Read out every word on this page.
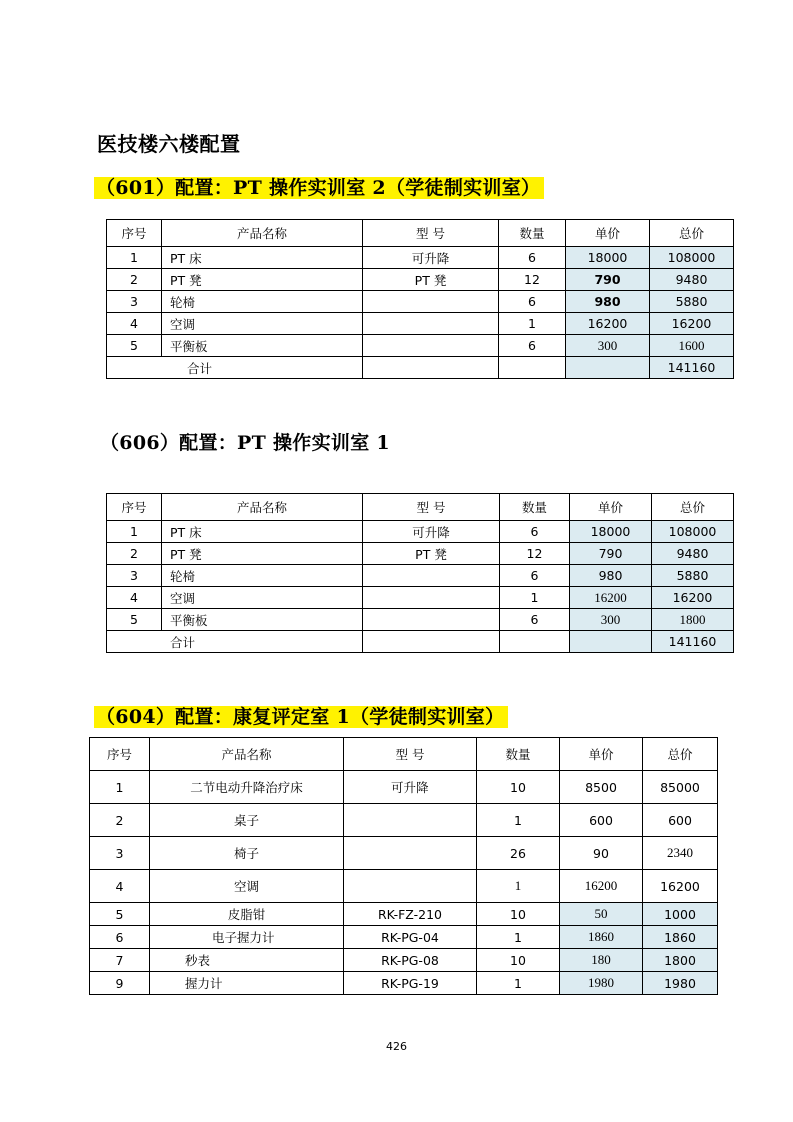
医技楼六楼配置
（601）配置：PT 操作实训室 2（学徒制实训室）
序号	产品名称	型 号	数量	单价	总价
1	PT 床	可升降	6	18000	108000
2	PT 凳	PT 凳	12	790	9480
3	轮椅		6	980	5880
4	空调		1	16200	16200
5	平衡板		6	300	1600
合计					141160
（606）配置：PT 操作实训室 1
序号	产品名称	型 号	数量	单价	总价
1	PT 床	可升降	6	18000	108000
2	PT 凳	PT 凳	12	790	9480
3	轮椅		6	980	5880
4	空调		1	16200	16200
5	平衡板		6	300	1800
合计					141160
（604）配置：康复评定室 1（学徒制实训室）
序号	产品名称	型 号	数量	单价	总价
1	二节电动升降治疗床	可升降	10	8500	85000
2	桌子		1	600	600
3	椅子		26	90	2340
4	空调		1	16200	16200
5	皮脂钳	RK-FZ-210	10	50	1000
6	电子握力计	RK-PG-04	1	1860	1860
7	秒表	RK-PG-08	10	180	1800
9	握力计	RK-PG-19	1	1980	1980
426
